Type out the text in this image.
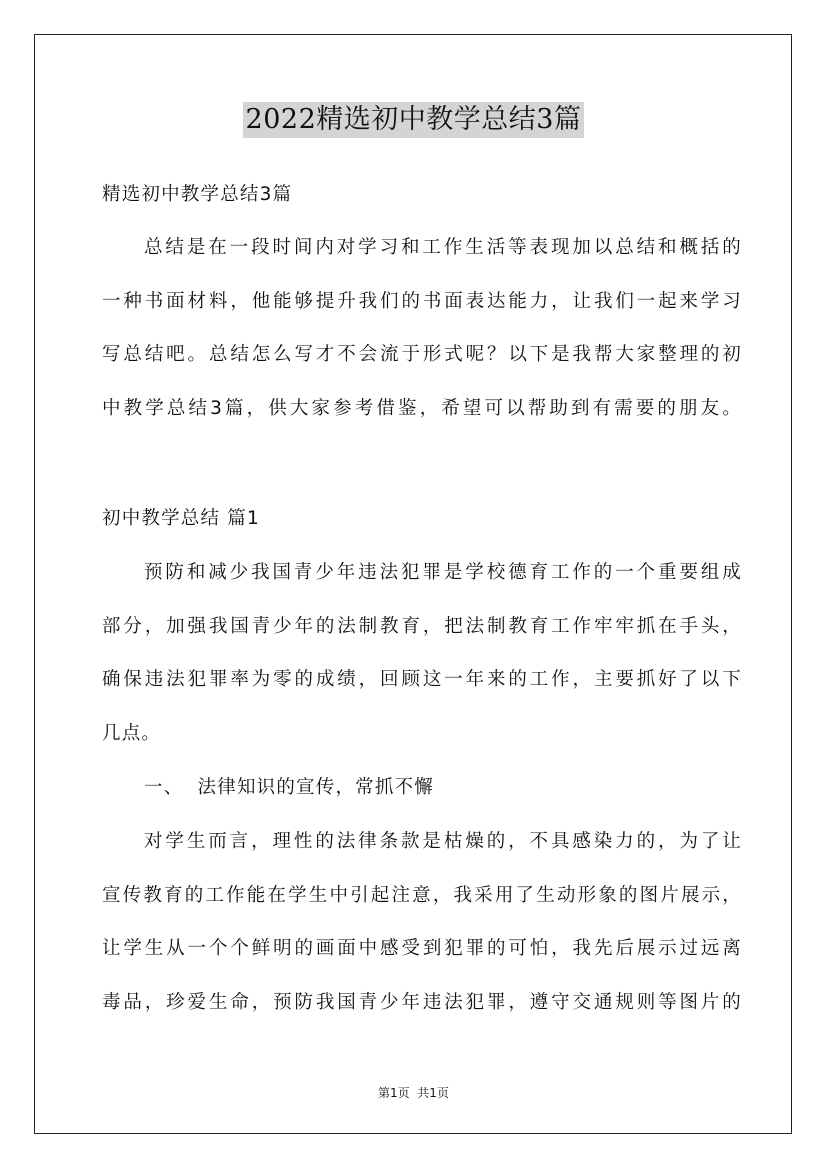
2022精选初中教学总结3篇
精选初中教学总结3篇
总结是在一段时间内对学习和工作生活等表现加以总结和概括的
一种书面材料，他能够提升我们的书面表达能力，让我们一起来学习
写总结吧。总结怎么写才不会流于形式呢？以下是我帮大家整理的初
中教学总结3篇，供大家参考借鉴，希望可以帮助到有需要的朋友。
初中教学总结 篇1
预防和减少我国青少年违法犯罪是学校德育工作的一个重要组成
部分，加强我国青少年的法制教育，把法制教育工作牢牢抓在手头，
确保违法犯罪率为零的成绩，回顾这一年来的工作，主要抓好了以下
几点。
一、  法律知识的宣传，常抓不懈
对学生而言，理性的法律条款是枯燥的，不具感染力的，为了让
宣传教育的工作能在学生中引起注意，我采用了生动形象的图片展示，
让学生从一个个鲜明的画面中感受到犯罪的可怕，我先后展示过远离
毒品，珍爱生命，预防我国青少年违法犯罪，遵守交通规则等图片的
第1页  共1页
